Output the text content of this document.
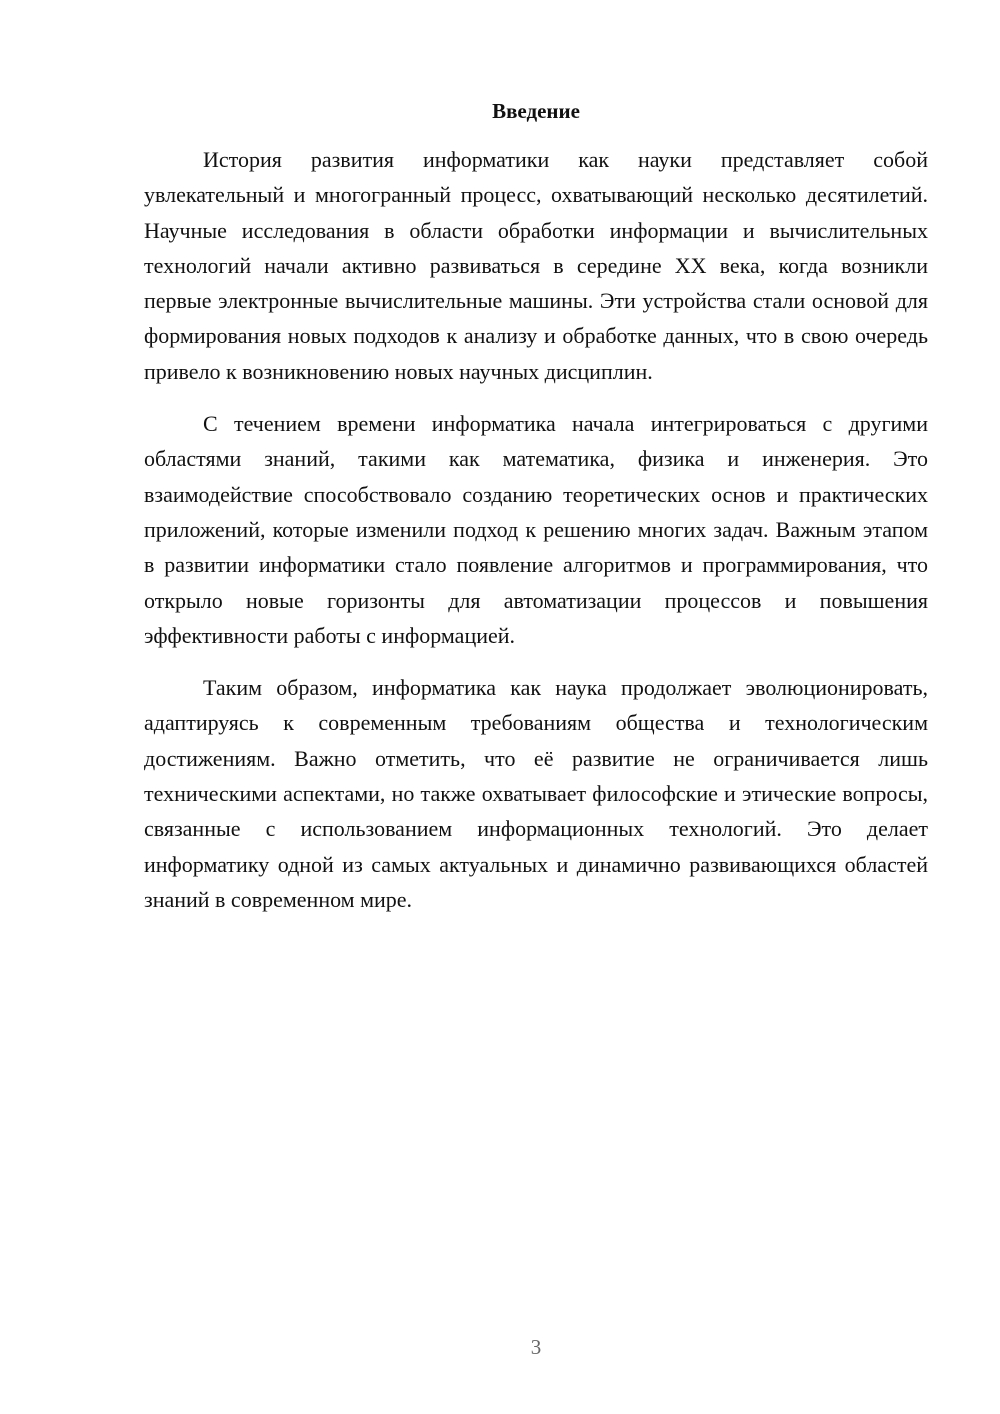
Введение

История развития информатики как науки представляет собой увлекательный и многогранный процесс, охватывающий несколько десятилетий. Научные исследования в области обработки информации и вычислительных технологий начали активно развиваться в середине XX века, когда возникли первые электронные вычислительные машины. Эти устройства стали основой для формирования новых подходов к анализу и обработке данных, что в свою очередь привело к возникновению новых научных дисциплин.

С течением времени информатика начала интегрироваться с другими областями знаний, такими как математика, физика и инженерия. Это взаимодействие способствовало созданию теоретических основ и практических приложений, которые изменили подход к решению многих задач. Важным этапом в развитии информатики стало появление алгоритмов и программирования, что открыло новые горизонты для автоматизации процессов и повышения эффективности работы с информацией.

Таким образом, информатика как наука продолжает эволюционировать, адаптируясь к современным требованиям общества и технологическим достижениям. Важно отметить, что её развитие не ограничивается лишь техническими аспектами, но также охватывает философские и этические вопросы, связанные с использованием информационных технологий. Это делает информатику одной из самых актуальных и динамично развивающихся областей знаний в современном мире.

3
